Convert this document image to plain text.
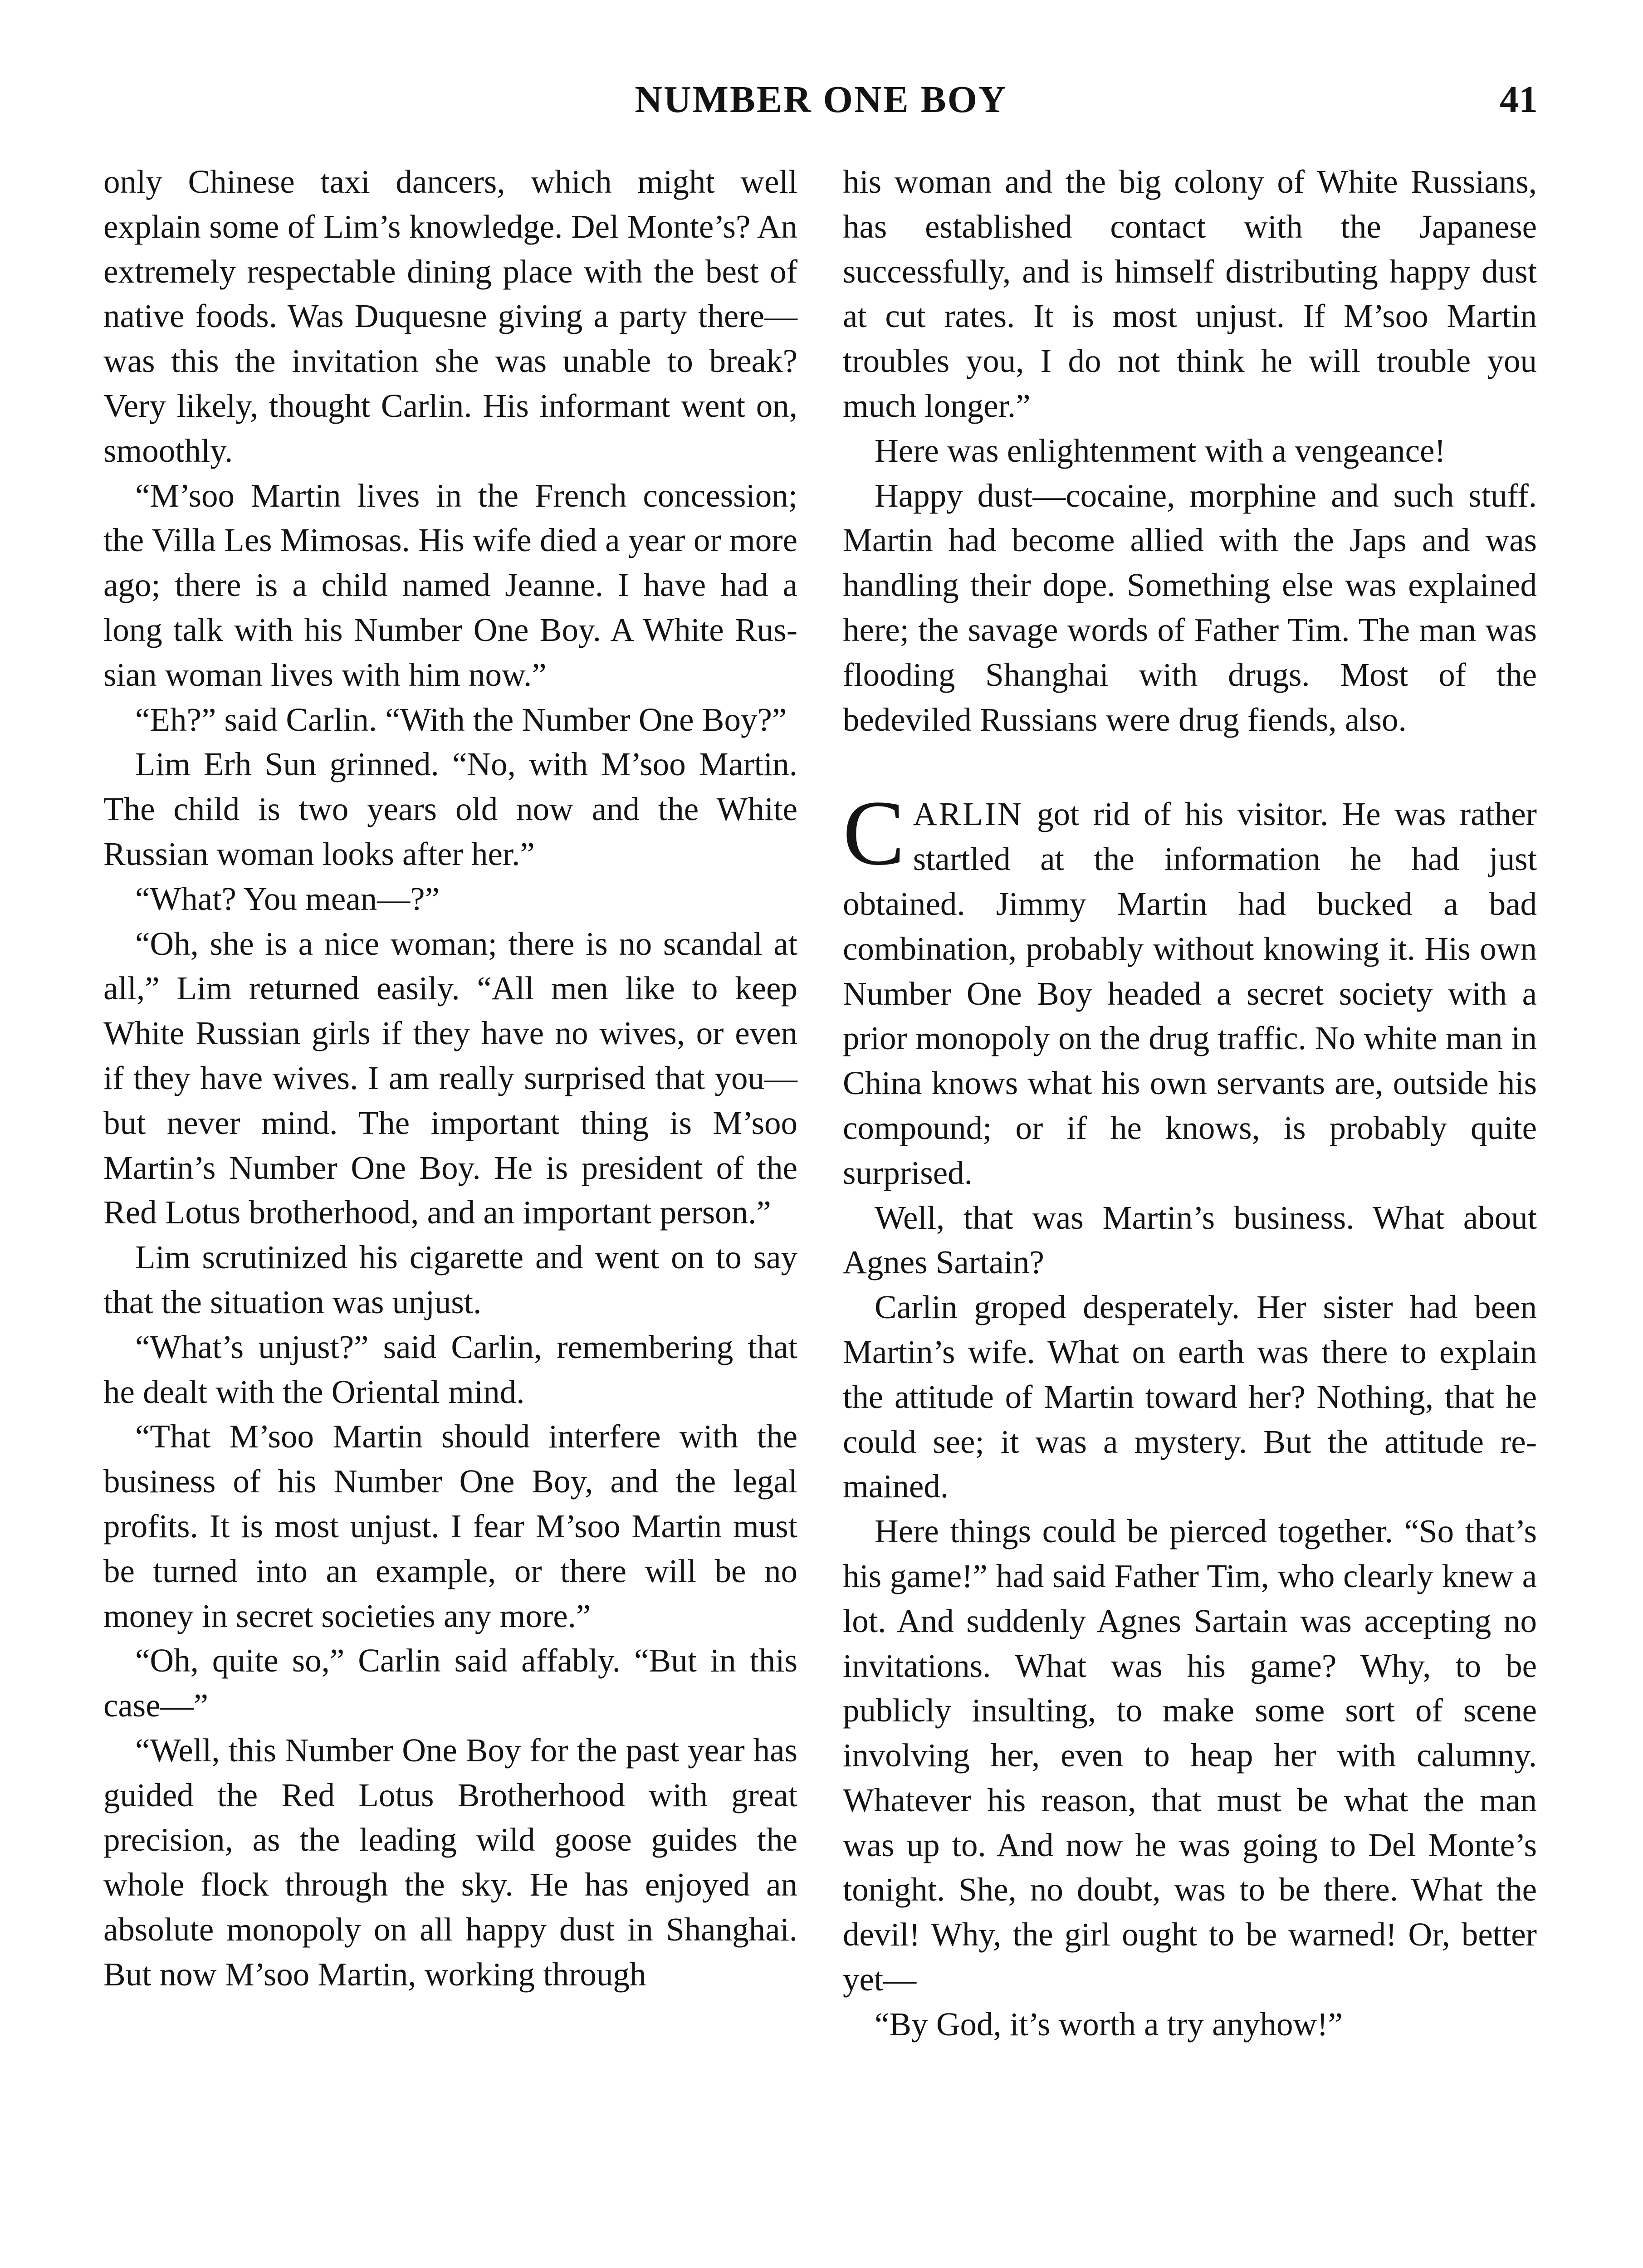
NUMBER ONE BOY	41

only Chinese taxi dancers, which might well explain some of Lim’s knowledge. Del Monte’s? An extremely respectable dining place with the best of native foods. Was Duquesne giving a party there—was this the invitation she was unable to break? Very likely, thought Carlin. His informant went on, smoothly.

“M’soo Martin lives in the French concession; the Villa Les Mimosas. His wife died a year or more ago; there is a child named Jeanne. I have had a long talk with his Number One Boy. A White Russian woman lives with him now.”

“Eh?” said Carlin. “With the Number One Boy?”

Lim Erh Sun grinned. “No, with M’soo Martin. The child is two years old now and the White Russian woman looks after her.”

“What? You mean—?”

“Oh, she is a nice woman; there is no scandal at all,” Lim returned easily. “All men like to keep White Russian girls if they have no wives, or even if they have wives. I am really surprised that you—but never mind. The important thing is M’soo Martin’s Number One Boy. He is president of the Red Lotus brotherhood, and an important person.”

Lim scrutinized his cigarette and went on to say that the situation was unjust.

“What’s unjust?” said Carlin, remembering that he dealt with the Oriental mind.

“That M’soo Martin should interfere with the business of his Number One Boy, and the legal profits. It is most unjust. I fear M’soo Martin must be turned into an example, or there will be no money in secret societies any more.”

“Oh, quite so,” Carlin said affably. “But in this case—”

“Well, this Number One Boy for the past year has guided the Red Lotus Brotherhood with great precision, as the leading wild goose guides the whole flock through the sky. He has enjoyed an absolute monopoly on all happy dust in Shanghai. But now M’soo Martin, working through

his woman and the big colony of White Russians, has established contact with the Japanese successfully, and is himself distributing happy dust at cut rates. It is most unjust. If M’soo Martin troubles you, I do not think he will trouble you much longer.”

Here was enlightenment with a vengeance!

Happy dust—cocaine, morphine and such stuff. Martin had become allied with the Japs and was handling their dope. Something else was explained here; the savage words of Father Tim. The man was flooding Shanghai with drugs. Most of the bedeviled Russians were drug fiends, also.

CARLIN got rid of his visitor. He was rather startled at the information he had just obtained. Jimmy Martin had bucked a bad combination, probably without knowing it. His own Number One Boy headed a secret society with a prior monopoly on the drug traffic. No white man in China knows what his own servants are, outside his compound; or if he knows, is probably quite surprised.

Well, that was Martin’s business. What about Agnes Sartain?

Carlin groped desperately. Her sister had been Martin’s wife. What on earth was there to explain the attitude of Martin toward her? Nothing, that he could see; it was a mystery. But the attitude remained.

Here things could be pierced together. “So that’s his game!” had said Father Tim, who clearly knew a lot. And suddenly Agnes Sartain was accepting no invitations. What was his game? Why, to be publicly insulting, to make some sort of scene involving her, even to heap her with calumny. Whatever his reason, that must be what the man was up to. And now he was going to Del Monte’s tonight. She, no doubt, was to be there. What the devil! Why, the girl ought to be warned! Or, better yet—

“By God, it’s worth a try anyhow!”
